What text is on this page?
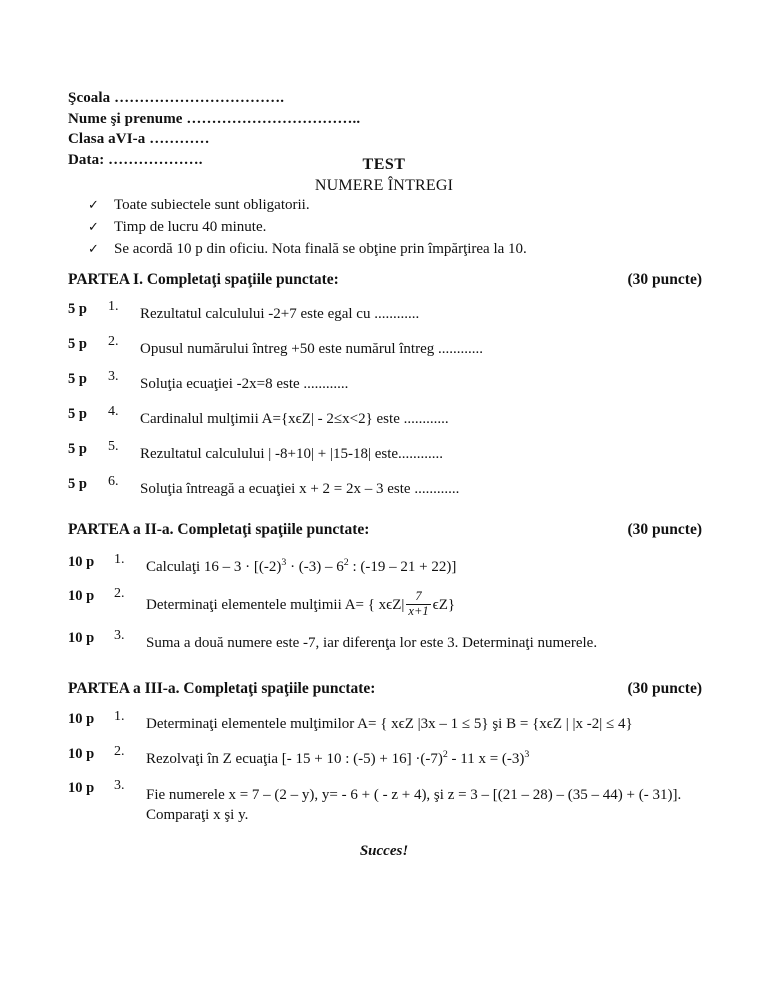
Şcoala …………………………….
Nume şi prenume ……………………………..
Clasa aVI-a …………
Data: ……………….	TEST
NUMERE ÎNTREGI
✓	Toate subiectele sunt obligatorii.
✓	Timp de lucru 40 minute.
✓	Se acordă 10 p din oficiu. Nota finală se obţine prin împărţirea la 10.
PARTEA I. Completaţi spaţiile punctate:	(30 puncte)
5 p	1.	Rezultatul calculului -2+7 este egal cu ............
5 p	2.	Opusul numărului întreg +50 este numărul întreg ............
5 p	3.	Soluţia ecuaţiei -2x=8 este ............
5 p	4.	Cardinalul mulţimii A={xϵZ| - 2≤x<2} este ............
5 p	5.	Rezultatul calculului | -8+10| + |15-18| este............
5 p	6.	Soluţia întreagă a ecuaţiei x + 2 = 2x – 3 este ............
PARTEA a II-a. Completaţi spaţiile punctate:	(30 puncte)
10 p	1.	Calculaţi $16 - 3 \cdot [(-2)^3 \cdot (-3) - 6^2$ : (-19 – 21 + 22)]
10 p	2.
Determinaţi elementele mulţimii A= { $x\epsilon Z| \frac{7}{x+1} \epsilon Z$}
10 p	3.	Suma a două numere este -7, iar diferenţa lor este 3. Determinaţi numerele.
PARTEA a III-a. Completaţi spaţiile punctate:	(30 puncte)
10 p	1.	Determinaţi elementele mulţimilor A= { xϵZ |3x – 1 ≤ 5} şi B = {xϵZ | |x -2| ≤ 4}
10 p	2.	Rezolvaţi în Z ecuaţia [- 15 + 10 : $(-5) + 16] \cdot(-7)^2 - 11$ $x = (-3)^3$
10 p	3.
Fie numerele x = 7 – (2 – y), y= - 6 + ( - z + 4), şi z = 3 – [(21 – 28) – (35 – 44) + (- 31)].
Comparaţi x şi y.
Succes!
